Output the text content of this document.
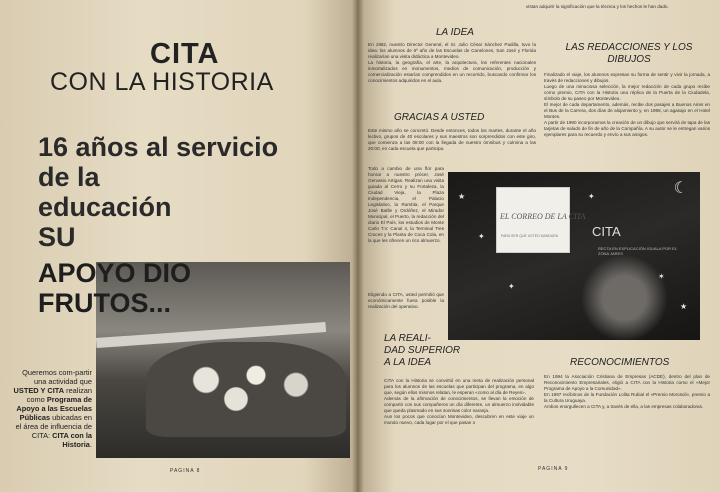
CITA
CON LA HISTORIA
16 años al servicio
de la
educación
SU
APOYO DIO
FRUTOS...
Queremos com-partir una actividad que USTED Y CITA realizan como Programa de Apoyo a las Escuelas Públicas ubicadas en el área de influencia de CITA: CITA con la Historia.
PAGINA 8
vistan adquirir la significación que la técnica y los hechos le han dado.
LA IDEA
En 1982, nuestro Director General, el Sr. Julio César Sánchez Padilla, tuvo la idea: los alumnos de 6º año de las Escuelas de Canelones, San José y Florida realizarían una visita didáctica a Montevideo.
La historia, la geografía, el arte, la arquitectura, los referentes nacionales inmortalizados en monumentos, medios de comunicación, producción y comercialización estarían comprendidos en un recorrido, buscando confirmar los conocimientos adquiridos en el aula.
LAS REDACCIONES Y LOS
DIBUJOS
Finalizado el viaje, los alumnos expresan su forma de sentir y vivir la jornada, a través de redacciones y dibujos.
Luego de una minuciosa selección, la mejor redacción de cada grupo recibe como premio, CITA con la Historia una réplica de la Puerta de la Ciudadela, símbolo de su paseo por Montevideo.
El mejor de cada departamento, además, recibe dos pasajes a Buenos Aires en el Bus de la Carrera, dos días de alojamiento y, en 1998, un agasajo en el Hotel Montes.
A partir de 1990 incorporamos la creación de un dibujo que servirá de tapa de las tarjetas de saludo de fin de año de la Compañía. A su autor se le entregan varios ejemplares para su recuerdo y envío a sus amigos.
GRACIAS A USTED
Este mismo año se concretó. Desde entonces, todos los martes, durante el año lectivo, grupos de 40 escolares y sus maestros son sorprendidos con este giro, que comienza a las 08:00 con la llegada de nuestro ómnibus y culmina a las 20:00, en cada escuela que participa.
Todo a cambio de una flor para honrar a nuestro prócer, José Gervasio Artigas. Realizan una visita guiada al Cerro y su Fortaleza, la Ciudad Vieja, la Plaza Independencia, el Palacio Legislativo, la Rambla, el Parque José Batlle y Ordóñez, el Mirador Municipal, el Puerto, la redacción del diario El País, los estudios de Monte Carlo T.V. Canal 4, la Terminal Tres Cruces y la Planta de Coca Cola, en la que les ofrecen un rico almuerzo.
Eligiendo a CITA, usted permitió que económicamente fuera posible la realización del operativo.
EL CORREO DE LA CITA
PARA SER QUE USTED MANDARA
☾
★
✦
✦
✶
✦
★
CITA
RECTA EN EXPLICACIÓN IGUALA POR EL ZONA JARES
LA REALI-
DAD SUPERIOR
A LA IDEA
CITA con la Historia se convirtió en una meta de realización personal para los alumnos de las escuelas que participan del programa, en algo que, según ellos mismos relatan, le esperan «como al día de Reyes».
Además de la afirmación de conocimientos, se llevan la emoción de compartir con sus compañeros un día diferente, un almuerzo inolvidable que queda plasmado en sus sonrisas color naranja.
Aun los pocos que conocían Montevideo, descubren en este viaje un mundo nuevo, cada lugar por el que pasan o
RECONOCIMIENTOS
En 1994 la Asociación Cristiana de Empresas (ACDE), dentro del plan de Reconocimiento Empresariales, eligió a CITA con la Historia como el «Mejor Programa de Apoyo a la Comunidad».
En 1997 recibimos de la Fundación Lolita Rubial el «Premio Morosoli», premio a la Cultura Uruguaya.
Ambos enorgullecen a CITA y, a través de ella, a las empresas colaboradoras.
PAGINA 9
